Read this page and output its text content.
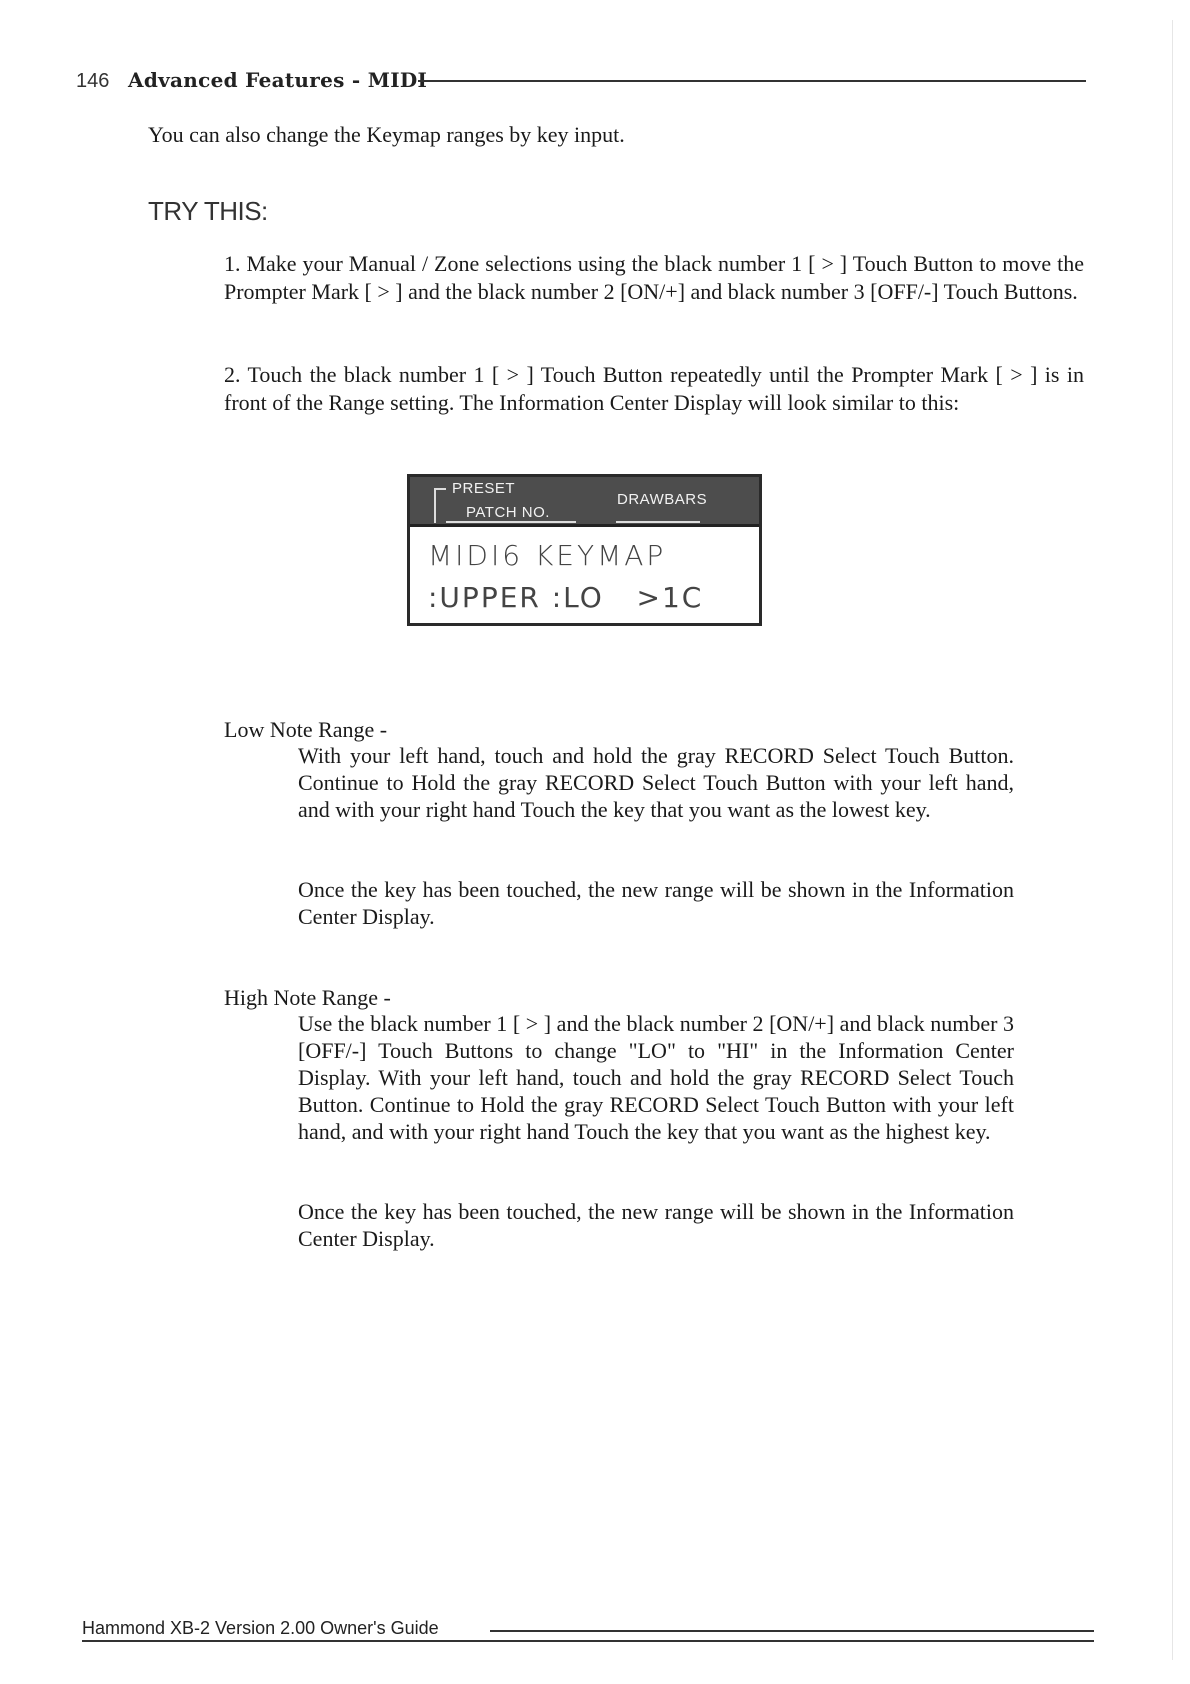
146 Advanced Features - MIDI
You can also change the Keymap ranges by key input.
TRY THIS:
1. Make your Manual / Zone selections using the black number 1 [ > ] Touch Button to move the Prompter Mark [ > ] and the black number 2 [ON/+] and black number 3 [OFF/-] Touch Buttons.
2. Touch the black number 1 [ > ] Touch Button repeatedly until the Prompter Mark [ > ] is in front of the Range setting. The Information Center Display will look similar to this:
PRESET
PATCH NO.
DRAWBARS
MIDI6 KEYMAP
:UPPER :LO   >1C
Low Note Range -
With your left hand, touch and hold the gray RECORD Select Touch Button. Continue to Hold the gray RECORD Select Touch Button with your left hand, and with your right hand Touch the key that you want as the lowest key.
Once the key has been touched, the new range will be shown in the Information Center Display.
High Note Range -
Use the black number 1 [ > ] and the black number 2 [ON/+] and black number 3 [OFF/-] Touch Buttons to change "LO" to "HI" in the Information Center Display. With your left hand, touch and hold the gray RECORD Select Touch Button. Continue to Hold the gray RECORD Select Touch Button with your left hand, and with your right hand Touch the key that you want as the highest key.
Once the key has been touched, the new range will be shown in the Information Center Display.
Hammond XB-2 Version 2.00 Owner's Guide
